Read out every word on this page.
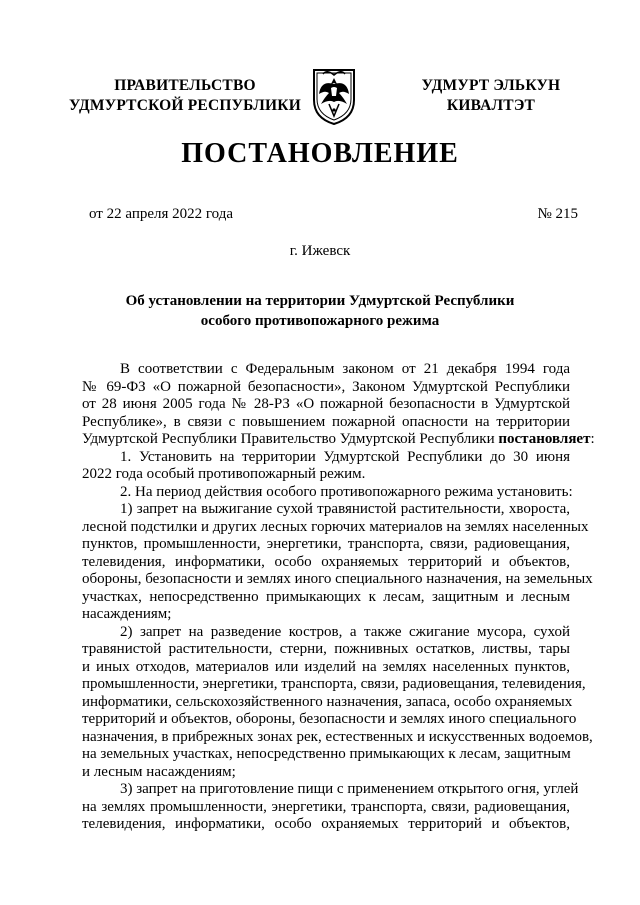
ПРАВИТЕЛЬСТВО
УДМУРТСКОЙ РЕСПУБЛИКИ
УДМУРТ ЭЛЬКУН
КИВАЛТЭТ
ПОСТАНОВЛЕНИЕ
от 22 апреля 2022 года	№ 215
г. Ижевск
Об установлении на территории Удмуртской Республики
особого противопожарного режима
В соответствии с Федеральным законом от 21 декабря 1994 года
№ 69-ФЗ «О пожарной безопасности», Законом Удмуртской Республики
от 28 июня 2005 года № 28-РЗ «О пожарной безопасности в Удмуртской
Республике», в связи с повышением пожарной опасности на территории
Удмуртской Республики Правительство Удмуртской Республики постановляет:
1. Установить на территории Удмуртской Республики до 30 июня
2022 года особый противопожарный режим.
2. На период действия особого противопожарного режима установить:
1) запрет на выжигание сухой травянистой растительности, хвороста,
лесной подстилки и других лесных горючих материалов на землях населенных
пунктов, промышленности, энергетики, транспорта, связи, радиовещания,
телевидения, информатики, особо охраняемых территорий и объектов,
обороны, безопасности и землях иного специального назначения, на земельных
участках, непосредственно примыкающих к лесам, защитным и лесным
насаждениям;
2) запрет на разведение костров, а также сжигание мусора, сухой
травянистой растительности, стерни, пожнивных остатков, листвы, тары
и иных отходов, материалов или изделий на землях населенных пунктов,
промышленности, энергетики, транспорта, связи, радиовещания, телевидения,
информатики, сельскохозяйственного назначения, запаса, особо охраняемых
территорий и объектов, обороны, безопасности и землях иного специального
назначения, в прибрежных зонах рек, естественных и искусственных водоемов,
на земельных участках, непосредственно примыкающих к лесам, защитным
и лесным насаждениям;
3) запрет на приготовление пищи с применением открытого огня, углей
на землях промышленности, энергетики, транспорта, связи, радиовещания,
телевидения, информатики, особо охраняемых территорий и объектов,
